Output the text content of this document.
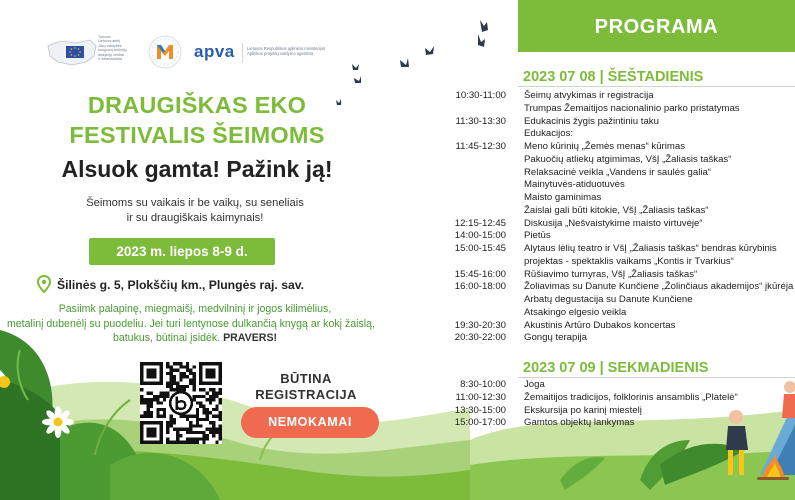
Turizmo
Lietuvos ateitį
Jūsų valstybės
saugomų teritorijų
lankytojų centrai
ir infrastruktūra	apva	Lietuvos Respublikos aplinkos ministerijos
Aplinkos projektų valdymo agentūra
DRAUGIŠKAS EKO
FESTIVALIS ŠEIMOMS
Alsuok gamta! Pažink ją!
Šeimoms su vaikais ir be vaikų, su seneliais
ir su draugiškais kaimynais!
2023 m. liepos 8-9 d.
Šilinės g. 5, Plokščių km., Plungės raj. sav.
Pasiimk palapinę, miegmaišį, medvilninį ir jogos kilimėlius,
metalinį dubenėlį su puodeliu. Jei turi lentynose dulkančią knygą ar kokį žaislą,
batukus, būtinai įsidėk. PRAVERS!
BŪTINA
REGISTRACIJA
NEMOKAMAI
PROGRAMA
2023 07 08 | ŠEŠTADIENIS
2023 07 09 | SEKMADIENIS
10:30-11:00 Šeimų atvykimas ir registracija
Trumpas Žemaitijos nacionalinio parko pristatymas
11:30-13:30 Edukacinis žygis pažintiniu taku
Edukacijos:
11:45-12:30 Meno kūrinių „Žemės menas“ kūrimas
Pakuočių atliekų atgimimas, VšĮ „Žaliasis taškas“
Relaksacinė veikla „Vandens ir saulės galia“
Mainytuvės-atiduotuvės
Maisto gaminimas
Žaislai gali būti kitokie, VšĮ „Žaliasis taškas“
12:15-12:45 Diskusija „Nešvaistykime maisto virtuvėje“
14:00-15:00 Pietūs
15:00-15:45 Alytaus lėlių teatro ir VšĮ „Žaliasis taškas“ bendras kūrybinis
projektas - spektaklis vaikams „Kontis ir Tvarkius“
15:45-16:00 Rūšiavimo turnyras, VšĮ „Žaliasis taškas“
16:00-18:00 Žoliavimas su Danute Kunčiene „Žolinčiaus akademijos“ įkūrėja
Arbatų degustacija su Danute Kunčiene
Atsakingo elgesio veikla
19:30-20:30 Akustinis Artūro Dubakos koncertas
20:30-22:00 Gongų terapija
8:30-10:00 Joga
11:00-12:30 Žemaitijos tradicijos, folklorinis ansamblis „Platelė“
13:30-15:00 Ekskursija po karinį miestelį
15:00-17:00 Gamtos objektų lankymas
